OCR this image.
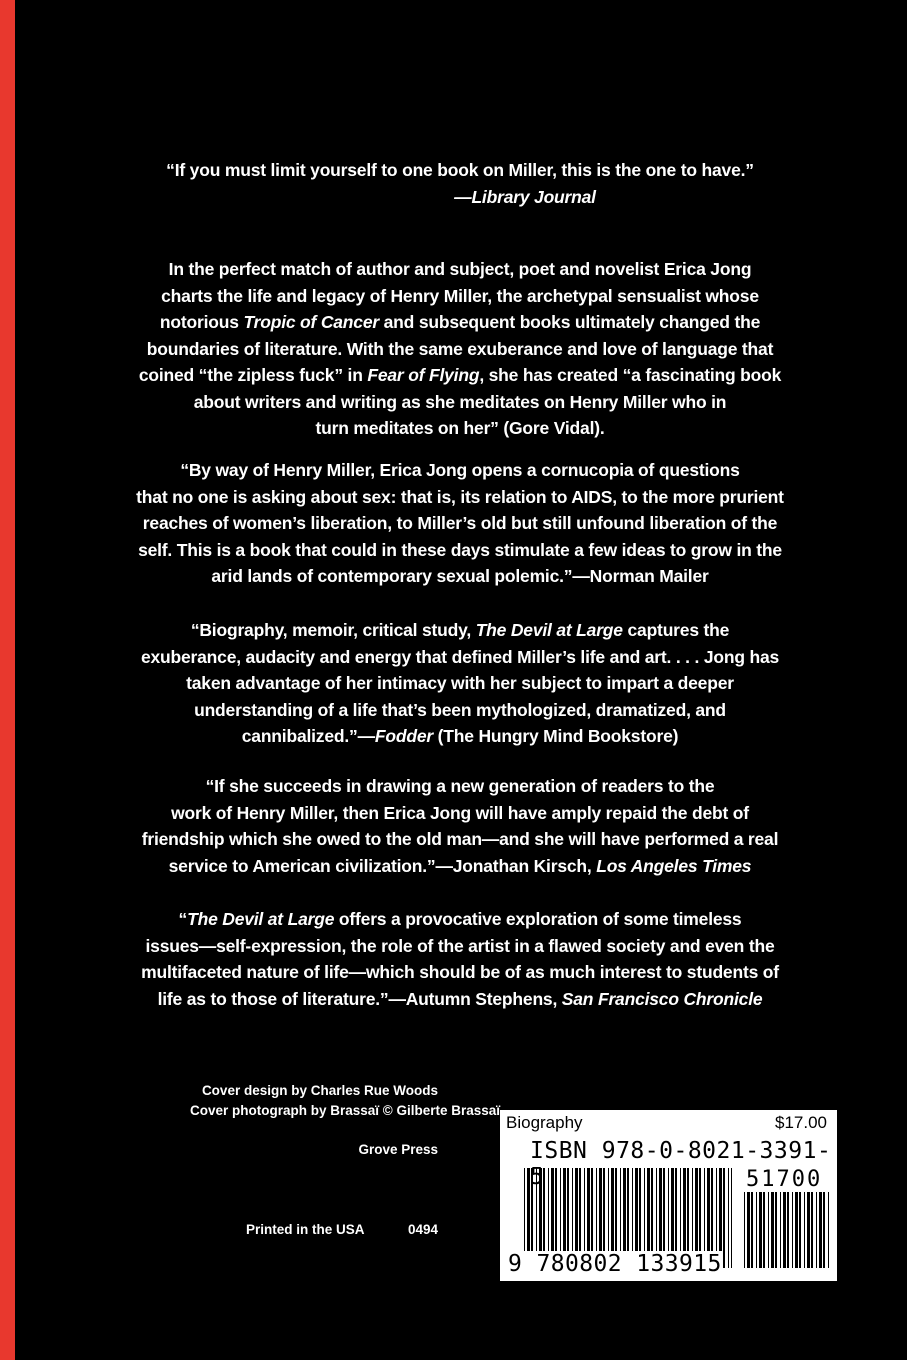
“If you must limit yourself to one book on Miller, this is the one to have.”
—Library Journal
In the perfect match of author and subject, poet and novelist Erica Jong
charts the life and legacy of Henry Miller, the archetypal sensualist whose
notorious Tropic of Cancer and subsequent books ultimately changed the
boundaries of literature. With the same exuberance and love of language that
coined “the zipless fuck” in Fear of Flying, she has created “a fascinating book
about writers and writing as she meditates on Henry Miller who in
turn meditates on her” (Gore Vidal).
“By way of Henry Miller, Erica Jong opens a cornucopia of questions
that no one is asking about sex: that is, its relation to AIDS, to the more prurient
reaches of women’s liberation, to Miller’s old but still unfound liberation of the
self. This is a book that could in these days stimulate a few ideas to grow in the
arid lands of contemporary sexual polemic.”—Norman Mailer
“Biography, memoir, critical study, The Devil at Large captures the
exuberance, audacity and energy that defined Miller’s life and art. . . . Jong has
taken advantage of her intimacy with her subject to impart a deeper
understanding of a life that’s been mythologized, dramatized, and
cannibalized.”—Fodder (The Hungry Mind Bookstore)
“If she succeeds in drawing a new generation of readers to the
work of Henry Miller, then Erica Jong will have amply repaid the debt of
friendship which she owed to the old man—and she will have performed a real
service to American civilization.”—Jonathan Kirsch, Los Angeles Times
“The Devil at Large offers a provocative exploration of some timeless
issues—self-expression, the role of the artist in a flawed society and even the
multifaceted nature of life—which should be of as much interest to students of
life as to those of literature.”—Autumn Stephens, San Francisco Chronicle
Cover design by Charles Rue Woods
Cover photograph by Brassaï © Gilberte Brassaï
Grove Press
Printed in the USA	0494
Biography	$17.00
ISBN 978-0-8021-3391-5	51700
9 780802 133915
